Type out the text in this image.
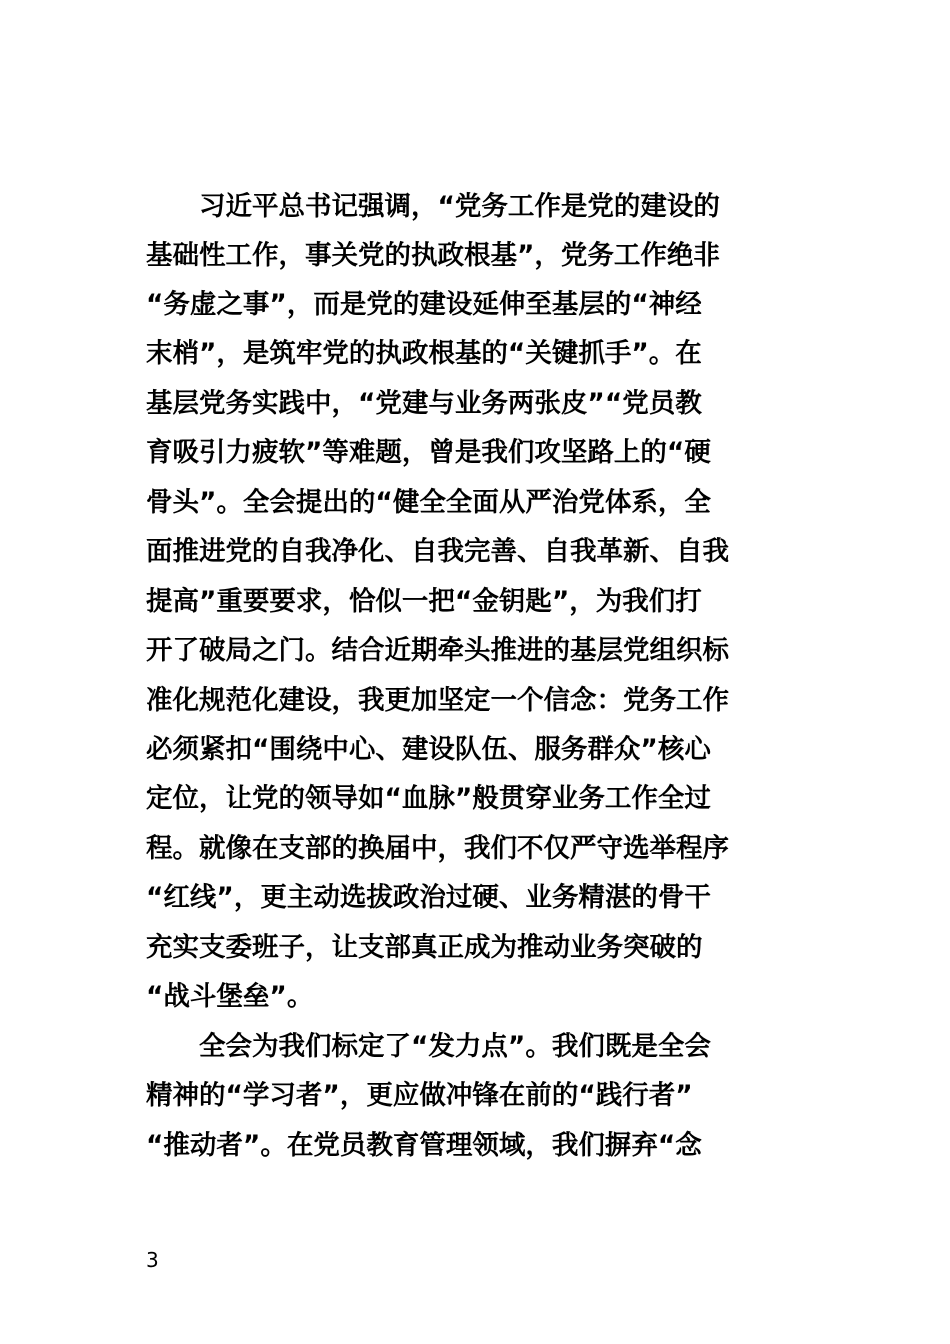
　　习近平总书记强调，“党务工作是党的建设的
基础性工作，事关党的执政根基”，党务工作绝非
“务虚之事”，而是党的建设延伸至基层的“神经
末梢”，是筑牢党的执政根基的“关键抓手”。在
基层党务实践中，“党建与业务两张皮”“党员教
育吸引力疲软”等难题，曾是我们攻坚路上的“硬
骨头”。全会提出的“健全全面从严治党体系，全
面推进党的自我净化、自我完善、自我革新、自我
提高”重要要求，恰似一把“金钥匙”，为我们打
开了破局之门。结合近期牵头推进的基层党组织标
准化规范化建设，我更加坚定一个信念：党务工作
必须紧扣“围绕中心、建设队伍、服务群众”核心
定位，让党的领导如“血脉”般贯穿业务工作全过
程。就像在支部的换届中，我们不仅严守选举程序
“红线”，更主动选拔政治过硬、业务精湛的骨干
充实支委班子，让支部真正成为推动业务突破的
“战斗堡垒”。
　　全会为我们标定了“发力点”。我们既是全会
精神的“学习者”，更应做冲锋在前的“践行者”
“推动者”。在党员教育管理领域，我们摒弃“念
3
